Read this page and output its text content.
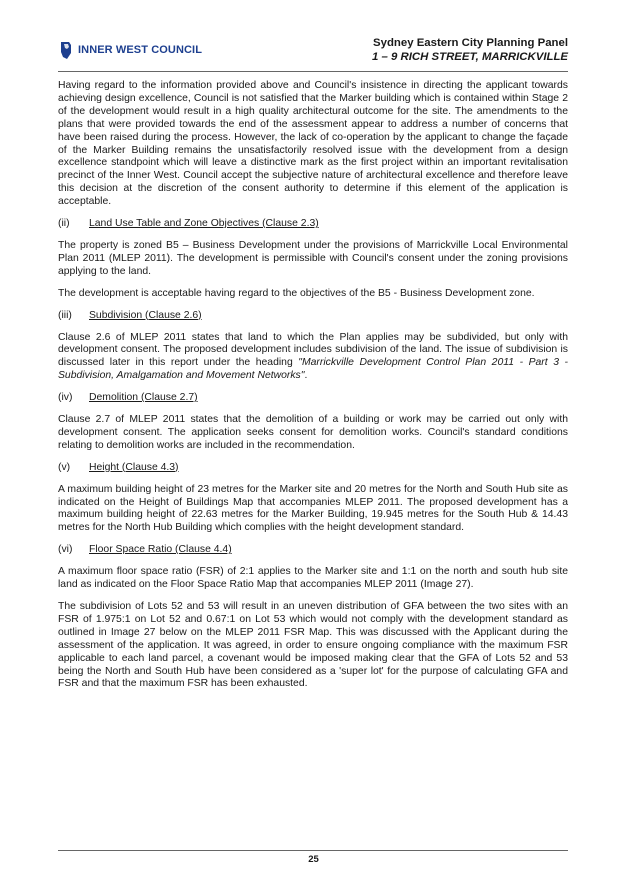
INNER WEST COUNCIL
Sydney Eastern City Planning Panel
1 – 9 RICH STREET, MARRICKVILLE

Having regard to the information provided above and Council's insistence in directing the applicant towards achieving design excellence, Council is not satisfied that the Marker building which is contained within Stage 2 of the development would result in a high quality architectural outcome for the site. The amendments to the plans that were provided towards the end of the assessment appear to address a number of concerns that have been raised during the process. However, the lack of co-operation by the applicant to change the façade of the Marker Building remains the unsatisfactorily resolved issue with the development from a design excellence standpoint which will leave a distinctive mark as the first project within an important revitalisation precinct of the Inner West. Council accept the subjective nature of architectural excellence and therefore leave this decision at the discretion of the consent authority to determine if this element of the application is acceptable.

(ii) Land Use Table and Zone Objectives (Clause 2.3)

The property is zoned B5 – Business Development under the provisions of Marrickville Local Environmental Plan 2011 (MLEP 2011). The development is permissible with Council's consent under the zoning provisions applying to the land.

The development is acceptable having regard to the objectives of the B5 - Business Development zone.

(iii) Subdivision (Clause 2.6)

Clause 2.6 of MLEP 2011 states that land to which the Plan applies may be subdivided, but only with development consent. The proposed development includes subdivision of the land. The issue of subdivision is discussed later in this report under the heading "Marrickville Development Control Plan 2011 - Part 3 - Subdivision, Amalgamation and Movement Networks".

(iv) Demolition (Clause 2.7)

Clause 2.7 of MLEP 2011 states that the demolition of a building or work may be carried out only with development consent. The application seeks consent for demolition works. Council's standard conditions relating to demolition works are included in the recommendation.

(v) Height (Clause 4.3)

A maximum building height of 23 metres for the Marker site and 20 metres for the North and South Hub site as indicated on the Height of Buildings Map that accompanies MLEP 2011. The proposed development has a maximum building height of 22.63 metres for the Marker Building, 19.945 metres for the South Hub & 14.43 metres for the North Hub Building which complies with the height development standard.

(vi) Floor Space Ratio (Clause 4.4)

A maximum floor space ratio (FSR) of 2:1 applies to the Marker site and 1:1 on the north and south hub site land as indicated on the Floor Space Ratio Map that accompanies MLEP 2011 (Image 27).

The subdivision of Lots 52 and 53 will result in an uneven distribution of GFA between the two sites with an FSR of 1.975:1 on Lot 52 and 0.67:1 on Lot 53 which would not comply with the development standard as outlined in Image 27 below on the MLEP 2011 FSR Map. This was discussed with the Applicant during the assessment of the application. It was agreed, in order to ensure ongoing compliance with the maximum FSR applicable to each land parcel, a covenant would be imposed making clear that the GFA of Lots 52 and 53 being the North and South Hub have been considered as a 'super lot' for the purpose of calculating GFA and FSR and that the maximum FSR has been exhausted.

25
